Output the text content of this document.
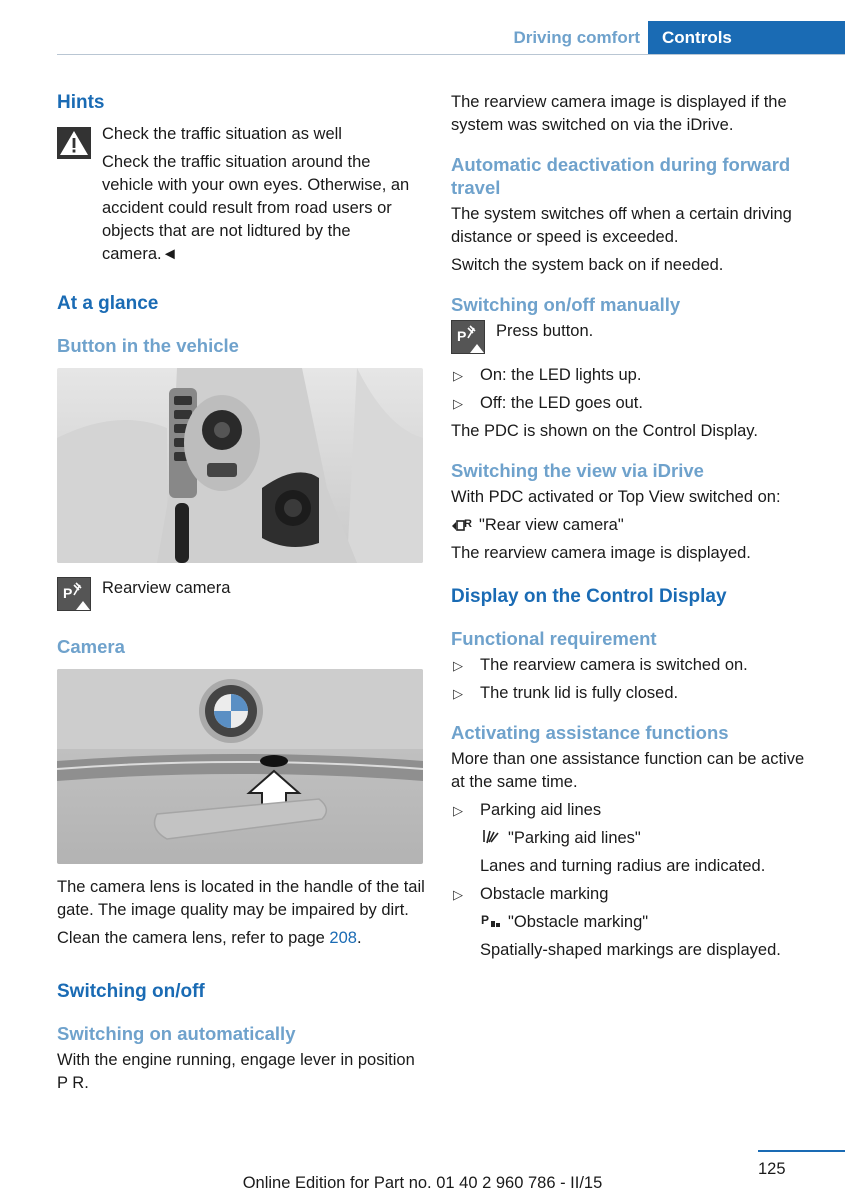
Driving comfort	Controls
Hints

Check the traffic situation as well

Check the traffic situation around the vehicle with your own eyes. Otherwise, an accident could result from road users or objects that are not lidtured by the camera.◄

At a glance
Button in the vehicle
P Rearview camera

Camera

The camera lens is located in the handle of the tail gate. The image quality may be impaired by dirt.

Clean the camera lens, refer to page 208.

Switching on/off
Switching on automatically

With the engine running, engage lever in position P R.

The rearview camera image is displayed if the system was switched on via the iDrive.

Automatic deactivation during forward travel

The system switches off when a certain driving distance or speed is exceeded.

Switch the system back on if needed.

Switching on/off manually
P Press button.

▷ On: the LED lights up.
▷ Off: the LED goes out.

The PDC is shown on the Control Display.

Switching the view via iDrive

With PDC activated or Top View switched on:

R "Rear view camera"

The rearview camera image is displayed.

Display on the Control Display
Functional requirement
▷ The rearview camera is switched on.
▷ The trunk lid is fully closed.
Activating assistance functions

More than one assistance function can be active at the same time.

▷ Parking aid lines

"Parking aid lines"

Lanes and turning radius are indicated.

▷ Obstacle marking

P "Obstacle marking"

Spatially-shaped markings are displayed.

125
Online Edition for Part no. 01 40 2 960 786 - II/15
